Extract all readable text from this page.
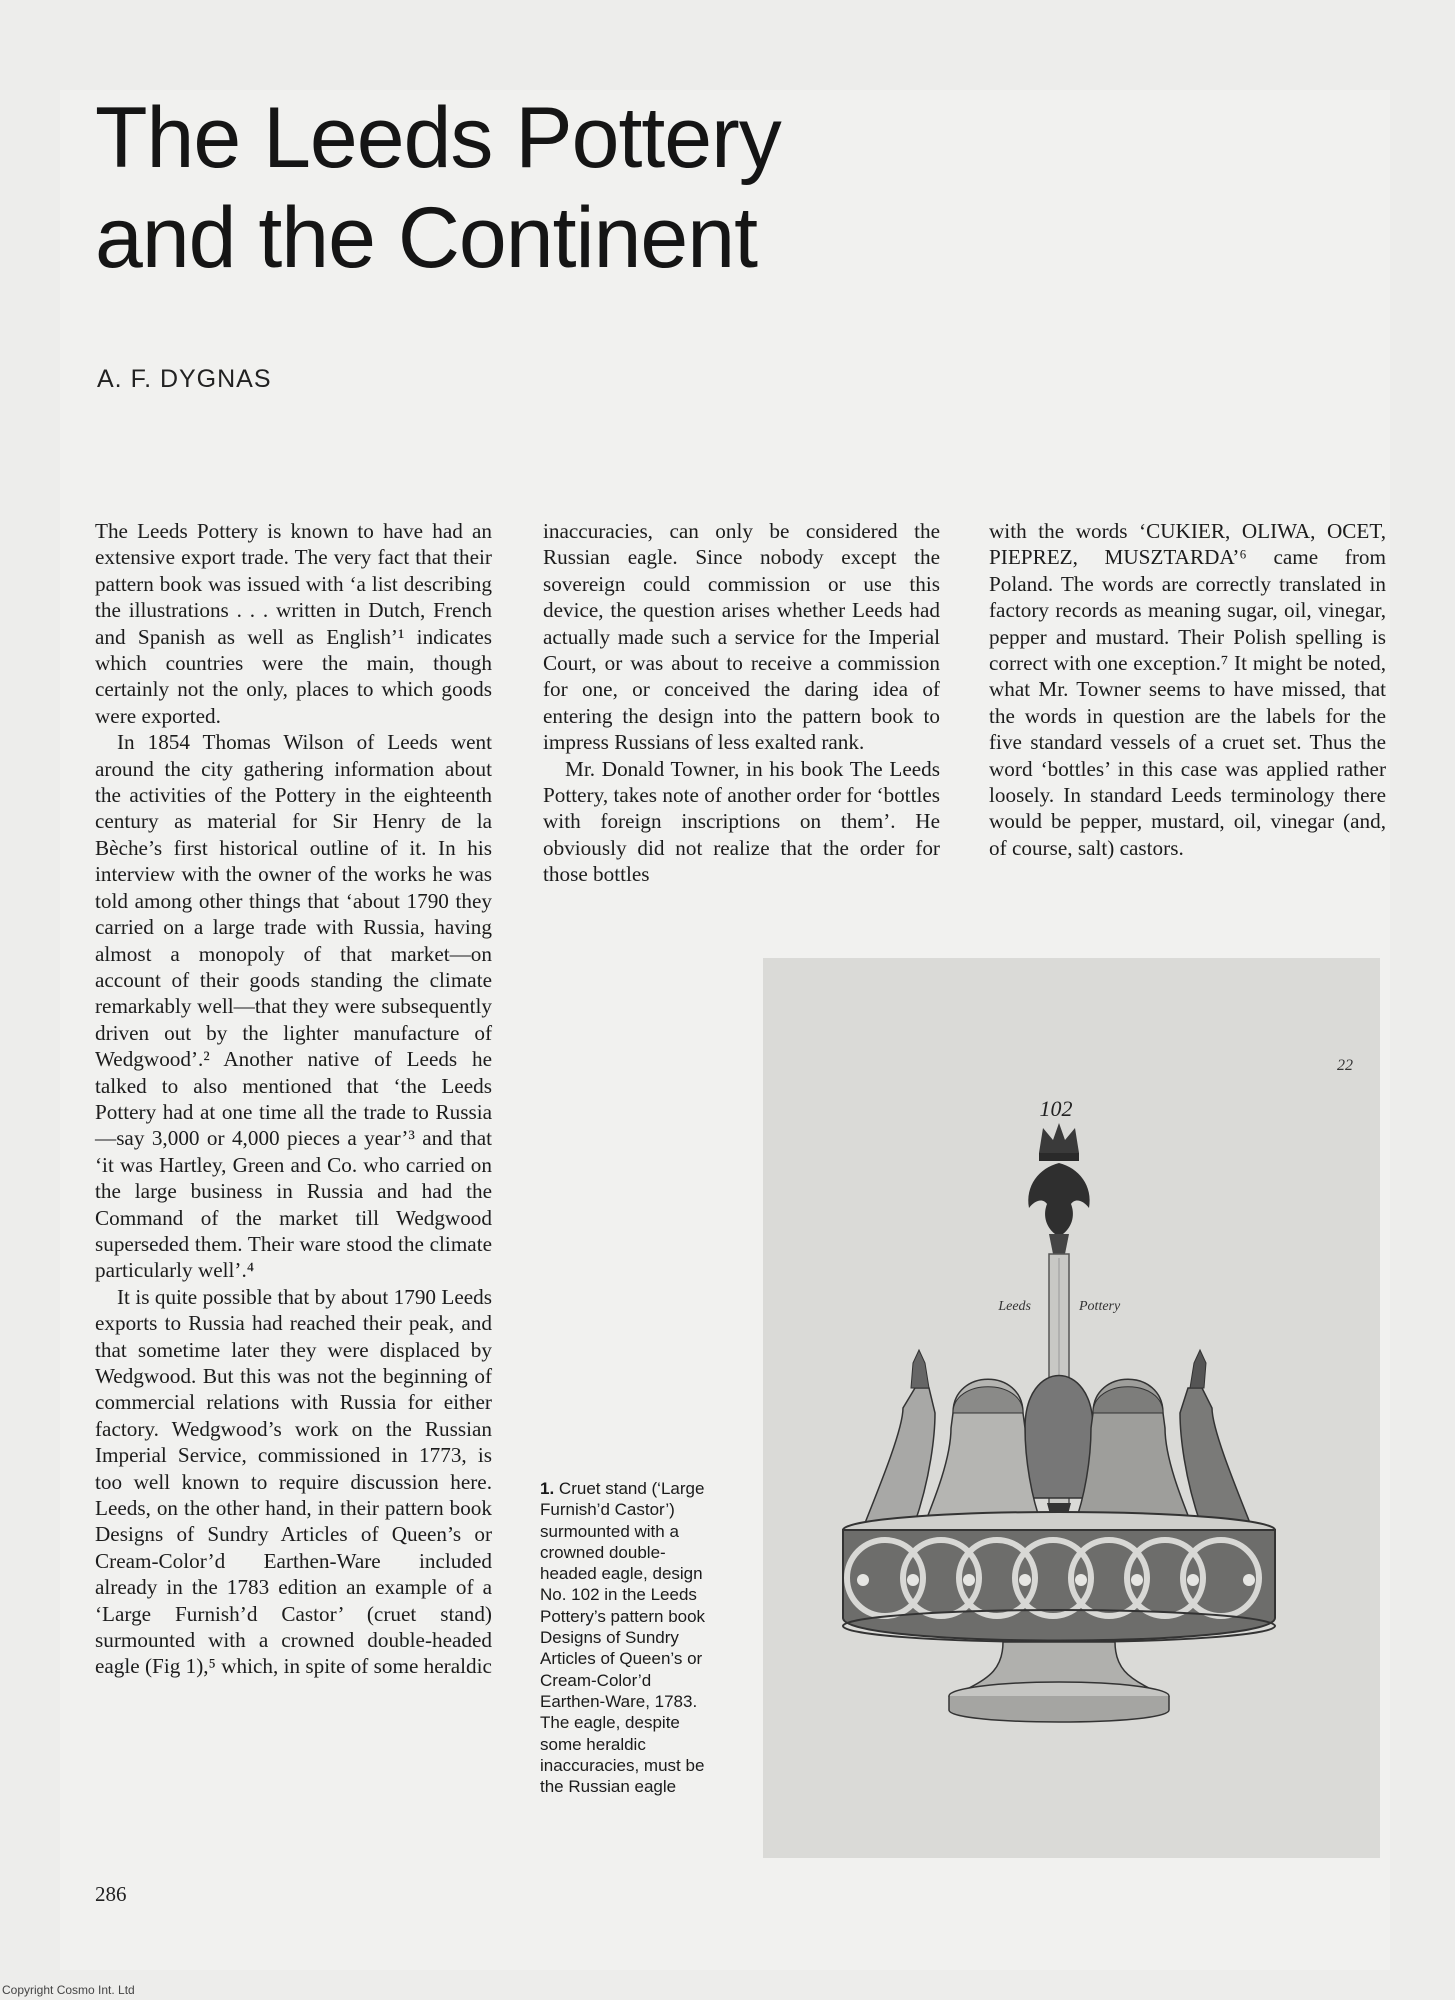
The Leeds Pottery
and the Continent
A. F. DYGNAS

The Leeds Pottery is known to have had an extensive export trade. The very fact that their pattern book was issued with ‘a list describing the illustrations . . . written in Dutch, French and Spanish as well as English’¹ indicates which countries were the main, though certainly not the only, places to which goods were exported.

In 1854 Thomas Wilson of Leeds went around the city gathering information about the activities of the Pottery in the eighteenth century as material for Sir Henry de la Bèche’s first historical outline of it. In his interview with the owner of the works he was told among other things that ‘about 1790 they carried on a large trade with Russia, having almost a monopoly of that market—on account of their goods standing the climate remarkably well—that they were subsequently driven out by the lighter manufacture of Wedgwood’.² Another native of Leeds he talked to also mentioned that ‘the Leeds Pottery had at one time all the trade to Russia—say 3,000 or 4,000 pieces a year’³ and that ‘it was Hartley, Green and Co. who carried on the large business in Russia and had the Command of the market till Wedgwood superseded them. Their ware stood the climate particularly well’.⁴

It is quite possible that by about 1790 Leeds exports to Russia had reached their peak, and that sometime later they were displaced by Wedgwood. But this was not the beginning of commercial relations with Russia for either factory. Wedgwood’s work on the Russian Imperial Service, commissioned in 1773, is too well known to require discussion here. Leeds, on the other hand, in their pattern book Designs of Sundry Articles of Queen’s or Cream-Color’d Earthen-Ware included already in the 1783 edition an example of a ‘Large Furnish’d Castor’ (cruet stand) surmounted with a crowned double-headed eagle (Fig 1),⁵ which, in spite of some heraldic

inaccuracies, can only be considered the Russian eagle. Since nobody except the sovereign could commission or use this device, the question arises whether Leeds had actually made such a service for the Imperial Court, or was about to receive a commission for one, or conceived the daring idea of entering the design into the pattern book to impress Russians of less exalted rank.

Mr. Donald Towner, in his book The Leeds Pottery, takes note of another order for ‘bottles with foreign inscriptions on them’. He obviously did not realize that the order for those bottles

with the words ‘CUKIER, OLIWA, OCET, PIEPREZ, MUSZTARDA’⁶ came from Poland. The words are correctly translated in factory records as meaning sugar, oil, vinegar, pepper and mustard. Their Polish spelling is correct with one exception.⁷ It might be noted, what Mr. Towner seems to have missed, that the words in question are the labels for the five standard vessels of a cruet set. Thus the word ‘bottles’ in this case was applied rather loosely. In standard Leeds terminology there would be pepper, mustard, oil, vinegar (and, of course, salt) castors.

22
102
Leeds	Pottery
1. Cruet stand (‘Large Furnish’d Castor’) surmounted with a crowned double-headed eagle, design No. 102 in the Leeds Pottery’s pattern book Designs of Sundry Articles of Queen’s or Cream-Color’d Earthen-Ware, 1783. The eagle, despite some heraldic inaccuracies, must be the Russian eagle
286
Copyright Cosmo Int. Ltd
